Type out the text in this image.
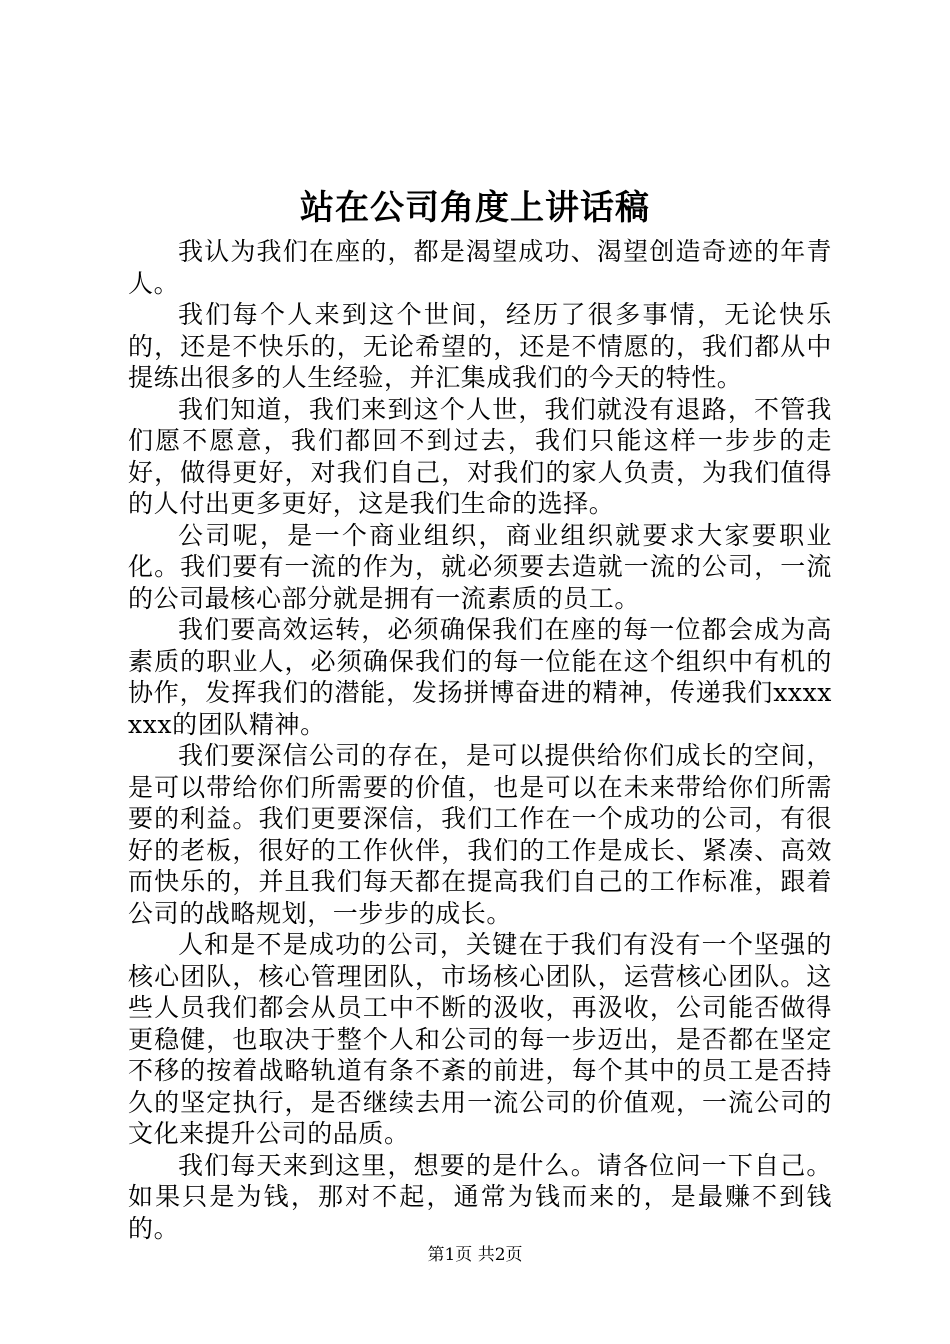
站在公司角度上讲话稿

我认为我们在座的，都是渴望成功、渴望创造奇迹的年青人。

我们每个人来到这个世间，经历了很多事情，无论快乐的，还是不快乐的，无论希望的，还是不情愿的，我们都从中提练出很多的人生经验，并汇集成我们的今天的特性。

我们知道，我们来到这个人世，我们就没有退路，不管我们愿不愿意，我们都回不到过去，我们只能这样一步步的走好，做得更好，对我们自己，对我们的家人负责，为我们值得的人付出更多更好，这是我们生命的选择。

公司呢，是一个商业组织，商业组织就要求大家要职业化。我们要有一流的作为，就必须要去造就一流的公司，一流的公司最核心部分就是拥有一流素质的员工。

我们要高效运转，必须确保我们在座的每一位都会成为高素质的职业人，必须确保我们的每一位能在这个组织中有机的协作，发挥我们的潜能，发扬拼博奋进的精神，传递我们xxxxxxx的团队精神。

我们要深信公司的存在，是可以提供给你们成长的空间，是可以带给你们所需要的价值，也是可以在未来带给你们所需要的利益。我们更要深信，我们工作在一个成功的公司，有很好的老板，很好的工作伙伴，我们的工作是成长、紧凑、高效而快乐的，并且我们每天都在提高我们自己的工作标准，跟着公司的战略规划，一步步的成长。

人和是不是成功的公司，关键在于我们有没有一个坚强的核心团队，核心管理团队，市场核心团队，运营核心团队。这些人员我们都会从员工中不断的汲收，再汲收，公司能否做得更稳健，也取决于整个人和公司的每一步迈出，是否都在坚定不移的按着战略轨道有条不紊的前进，每个其中的员工是否持久的坚定执行，是否继续去用一流公司的价值观，一流公司的文化来提升公司的品质。

我们每天来到这里，想要的是什么。请各位问一下自己。如果只是为钱，那对不起，通常为钱而来的，是最赚不到钱的。

第1页 共2页
